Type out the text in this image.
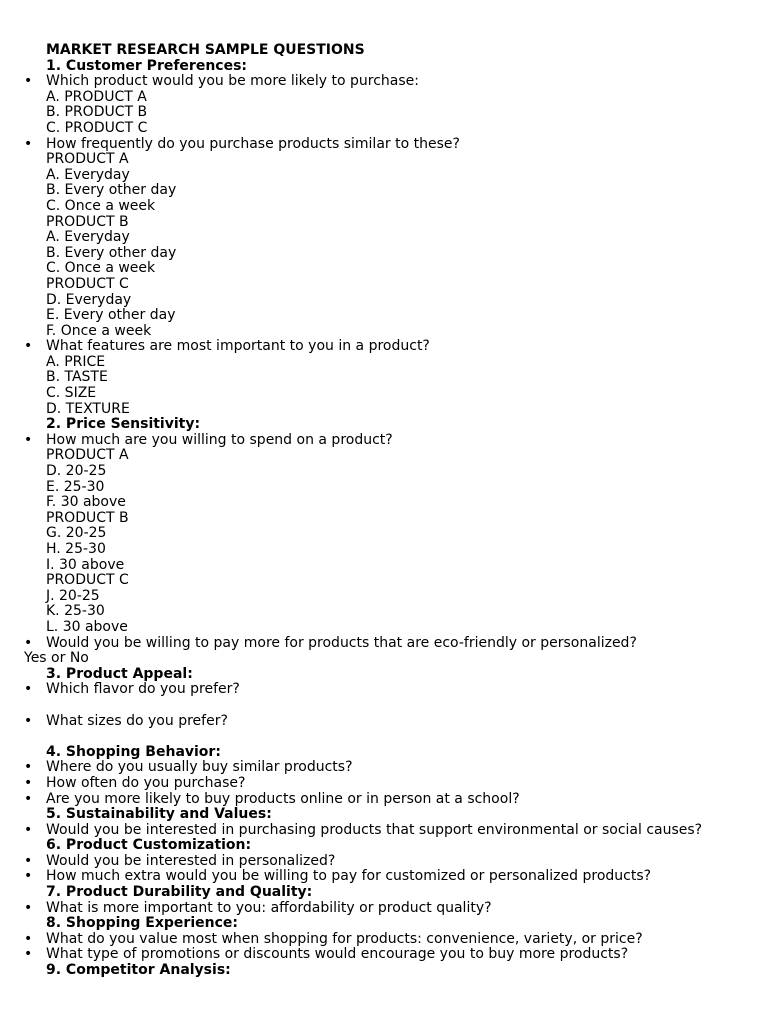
MARKET RESEARCH SAMPLE QUESTIONS
1. Customer Preferences:
• Which product would you be more likely to purchase:
A. PRODUCT A
B. PRODUCT B
C. PRODUCT C
• How frequently do you purchase products similar to these?
PRODUCT A
A. Everyday
B. Every other day
C. Once a week
PRODUCT B
A. Everyday
B. Every other day
C. Once a week
PRODUCT C
D. Everyday
E. Every other day
F. Once a week
• What features are most important to you in a product?
A. PRICE
B. TASTE
C. SIZE
D. TEXTURE
2. Price Sensitivity:
• How much are you willing to spend on a product?
PRODUCT A
D. 20-25
E. 25-30
F. 30 above
PRODUCT B
G. 20-25
H. 25-30
I. 30 above
PRODUCT C
J. 20-25
K. 25-30
L. 30 above
• Would you be willing to pay more for products that are eco-friendly or personalized?
Yes or No
3. Product Appeal:
• Which flavor do you prefer?
• What sizes do you prefer?
4. Shopping Behavior:
• Where do you usually buy similar products?
• How often do you purchase?
• Are you more likely to buy products online or in person at a school?
5. Sustainability and Values:
• Would you be interested in purchasing products that support environmental or social causes?
6. Product Customization:
• Would you be interested in personalized?
• How much extra would you be willing to pay for customized or personalized products?
7. Product Durability and Quality:
• What is more important to you: affordability or product quality?
8. Shopping Experience:
• What do you value most when shopping for products: convenience, variety, or price?
• What type of promotions or discounts would encourage you to buy more products?
9. Competitor Analysis:
